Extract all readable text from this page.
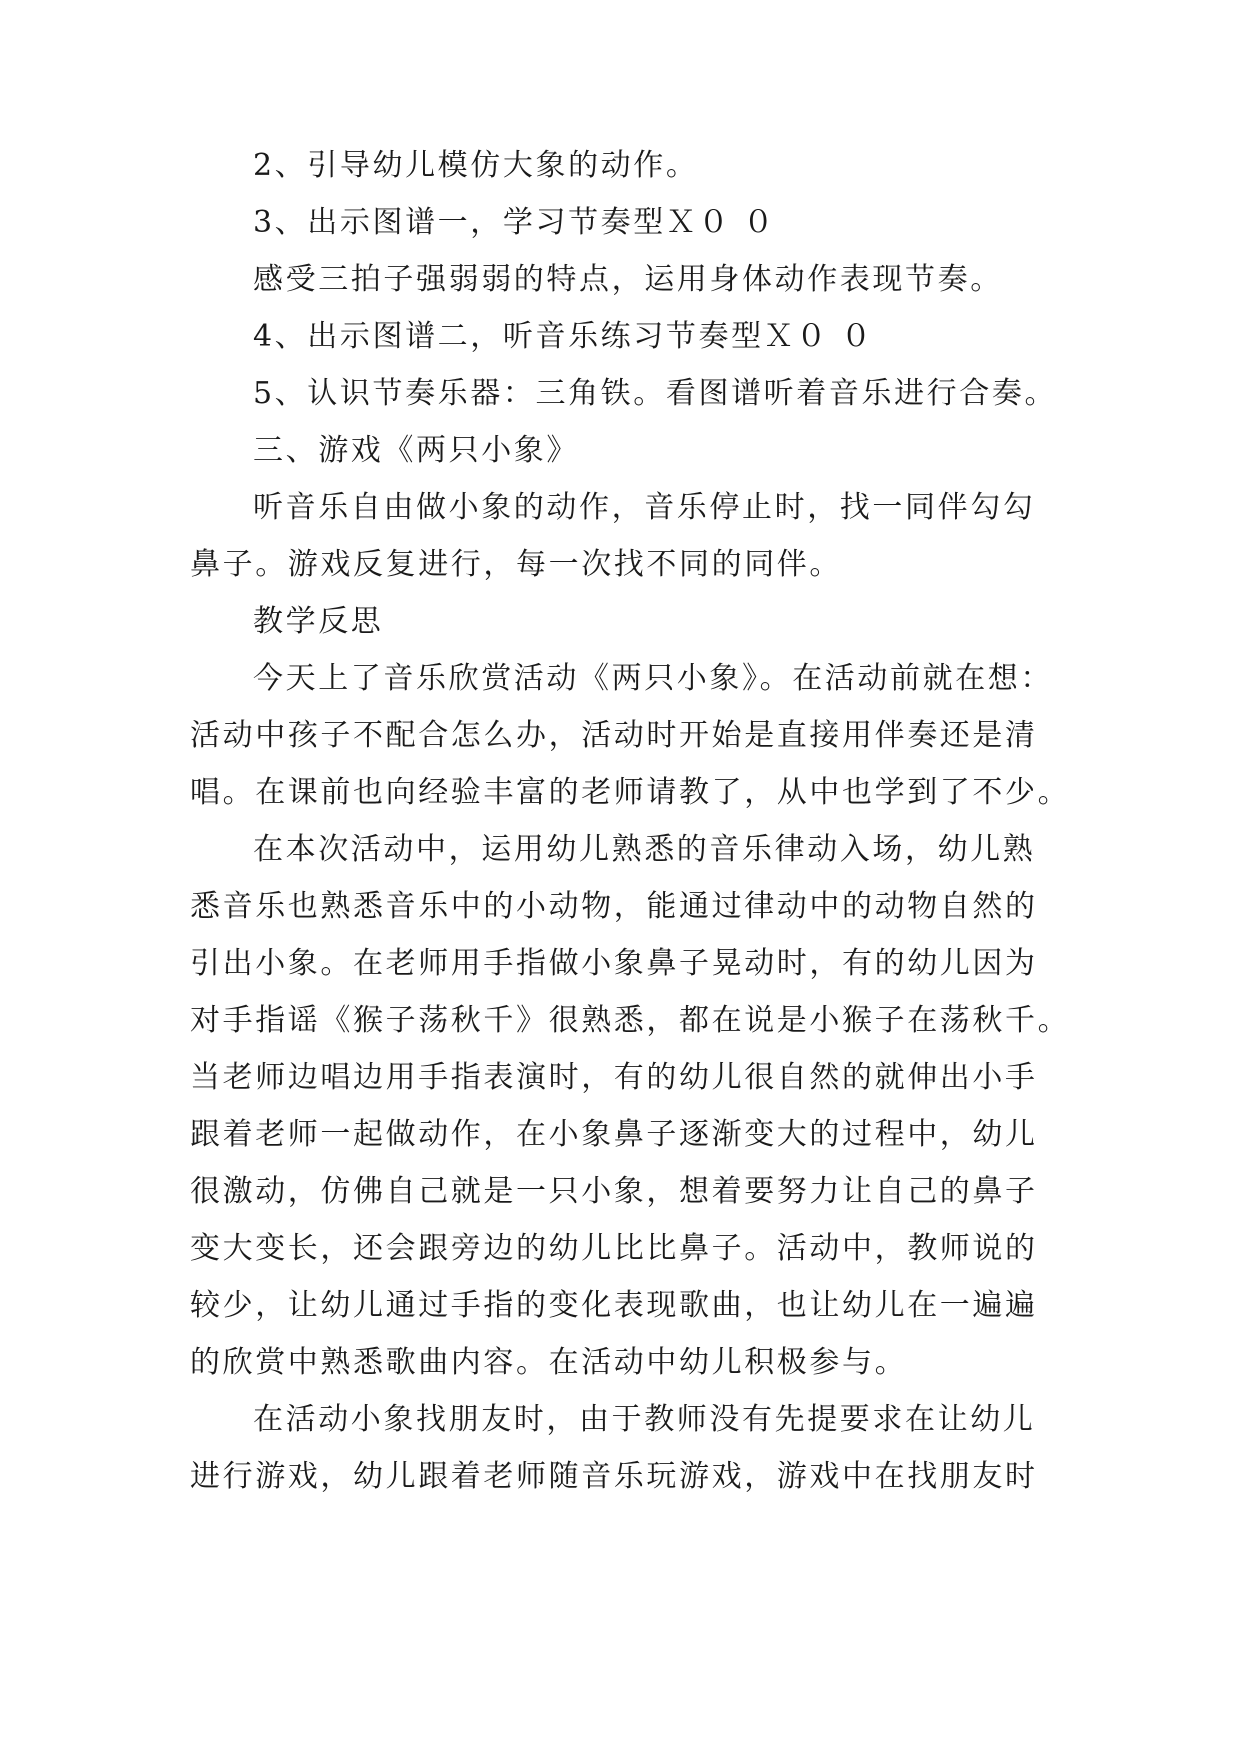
2、引导幼儿模仿大象的动作。
3、出示图谱一，学习节奏型Ｘ０ ０
感受三拍子强弱弱的特点，运用身体动作表现节奏。
4、出示图谱二，听音乐练习节奏型Ｘ０ ０
5、认识节奏乐器：三角铁。看图谱听着音乐进行合奏。
三、游戏《两只小象》
听音乐自由做小象的动作，音乐停止时，找一同伴勾勾
鼻子。游戏反复进行，每一次找不同的同伴。
教学反思
今天上了音乐欣赏活动《两只小象》。在活动前就在想：
活动中孩子不配合怎么办，活动时开始是直接用伴奏还是清
唱。在课前也向经验丰富的老师请教了，从中也学到了不少。
在本次活动中，运用幼儿熟悉的音乐律动入场，幼儿熟
悉音乐也熟悉音乐中的小动物，能通过律动中的动物自然的
引出小象。在老师用手指做小象鼻子晃动时，有的幼儿因为
对手指谣《猴子荡秋千》很熟悉，都在说是小猴子在荡秋千。
当老师边唱边用手指表演时，有的幼儿很自然的就伸出小手
跟着老师一起做动作，在小象鼻子逐渐变大的过程中，幼儿
很激动，仿佛自己就是一只小象，想着要努力让自己的鼻子
变大变长，还会跟旁边的幼儿比比鼻子。活动中，教师说的
较少，让幼儿通过手指的变化表现歌曲，也让幼儿在一遍遍
的欣赏中熟悉歌曲内容。在活动中幼儿积极参与。
在活动小象找朋友时，由于教师没有先提要求在让幼儿
进行游戏，幼儿跟着老师随音乐玩游戏，游戏中在找朋友时
